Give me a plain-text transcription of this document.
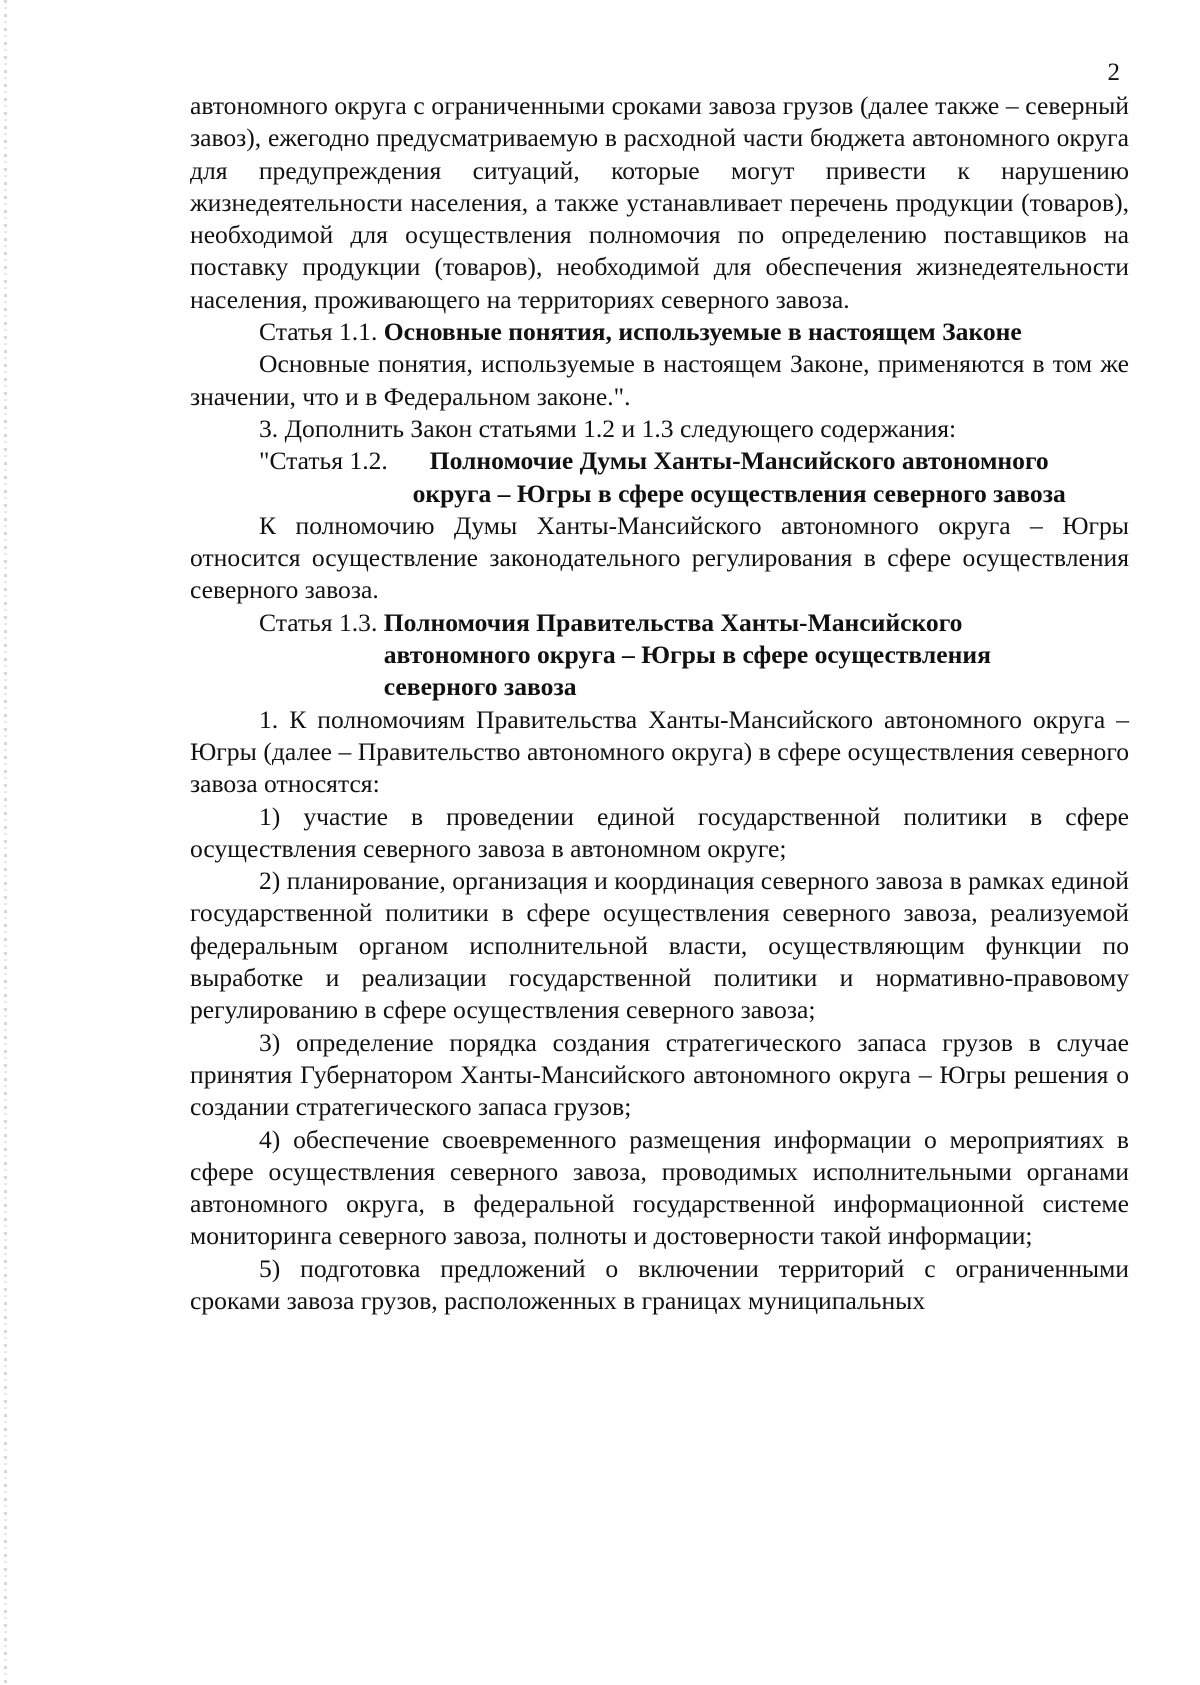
2

автономного округа с ограниченными сроками завоза грузов (далее также – северный завоз), ежегодно предусматриваемую в расходной части бюджета автономного округа для предупреждения ситуаций, которые могут привести к нарушению жизнедеятельности населения, а также устанавливает перечень продукции (товаров), необходимой для осуществления полномочия по определению поставщиков на поставку продукции (товаров), необходимой для обеспечения жизнедеятельности населения, проживающего на территориях северного завоза.

Статья 1.1. Основные понятия, используемые в настоящем Законе

Основные понятия, используемые в настоящем Законе, применяются в том же значении, что и в Федеральном законе.".

3. Дополнить Закон статьями 1.2 и 1.3 следующего содержания:

"Статья 1.2.	Полномочие Думы Ханты-Мансийского автономного округа – Югры в сфере осуществления северного завоза

К полномочию Думы Ханты-Мансийского автономного округа – Югры относится осуществление законодательного регулирования в сфере осуществления северного завоза.

Статья 1.3. Полномочия Правительства Ханты-Мансийского автономного округа – Югры в сфере осуществления северного завоза

1. К полномочиям Правительства Ханты-Мансийского автономного округа – Югры (далее – Правительство автономного округа) в сфере осуществления северного завоза относятся:

1) участие в проведении единой государственной политики в сфере осуществления северного завоза в автономном округе;

2) планирование, организация и координация северного завоза в рамках единой государственной политики в сфере осуществления северного завоза, реализуемой федеральным органом исполнительной власти, осуществляющим функции по выработке и реализации государственной политики и нормативно-правовому регулированию в сфере осуществления северного завоза;

3) определение порядка создания стратегического запаса грузов в случае принятия Губернатором Ханты-Мансийского автономного округа – Югры решения о создании стратегического запаса грузов;

4) обеспечение своевременного размещения информации о мероприятиях в сфере осуществления северного завоза, проводимых исполнительными органами автономного округа, в федеральной государственной информационной системе мониторинга северного завоза, полноты и достоверности такой информации;

5) подготовка предложений о включении территорий с ограниченными сроками завоза грузов, расположенных в границах муниципальных
